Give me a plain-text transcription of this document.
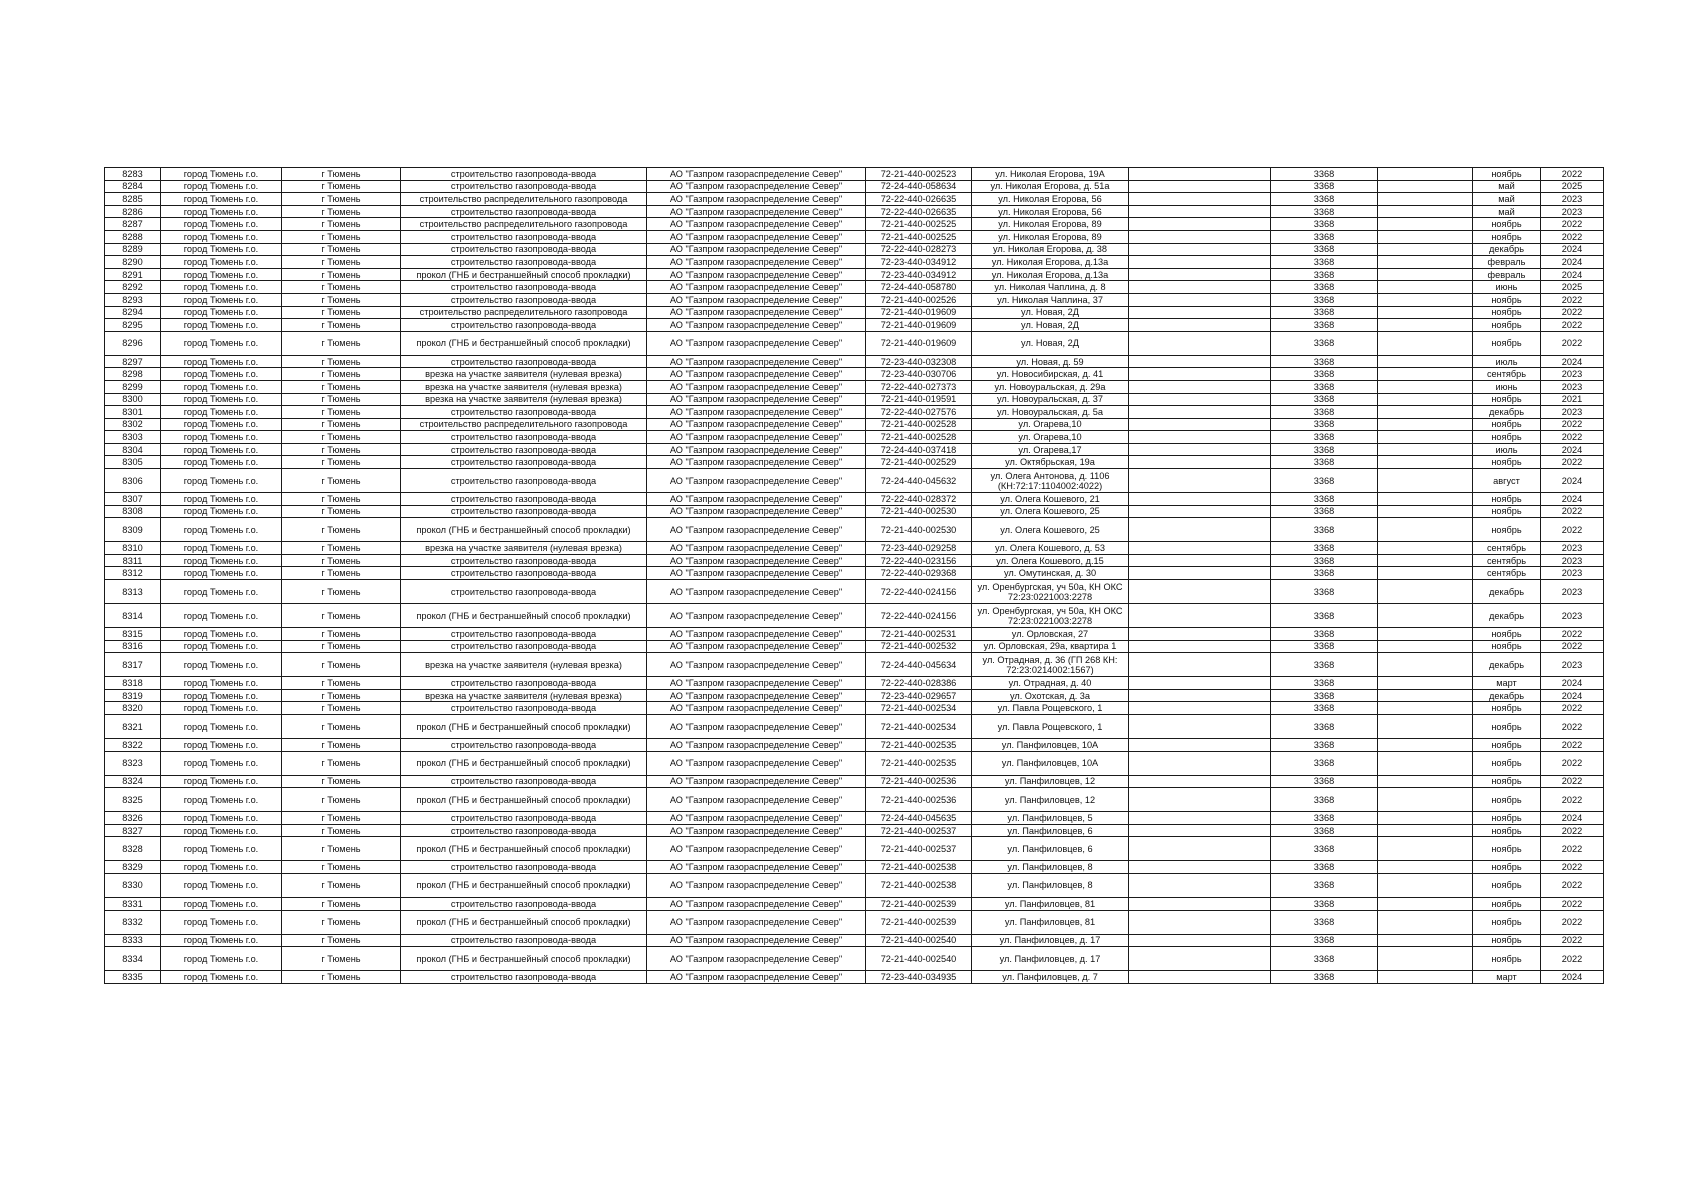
8283	город Тюмень г.о.	г Тюмень	строительство газопровода-ввода	АО "Газпром газораспределение Север"	72-21-440-002523	ул. Николая Егорова, 19А		3368		ноябрь	2022
8284	город Тюмень г.о.	г Тюмень	строительство газопровода-ввода	АО "Газпром газораспределение Север"	72-24-440-058634	ул. Николая Егорова, д. 51а		3368		май	2025
8285	город Тюмень г.о.	г Тюмень	строительство распределительного газопровода	АО "Газпром газораспределение Север"	72-22-440-026635	ул. Николая Егорова, 56		3368		май	2023
8286	город Тюмень г.о.	г Тюмень	строительство газопровода-ввода	АО "Газпром газораспределение Север"	72-22-440-026635	ул. Николая Егорова, 56		3368		май	2023
8287	город Тюмень г.о.	г Тюмень	строительство распределительного газопровода	АО "Газпром газораспределение Север"	72-21-440-002525	ул. Николая Егорова, 89		3368		ноябрь	2022
8288	город Тюмень г.о.	г Тюмень	строительство газопровода-ввода	АО "Газпром газораспределение Север"	72-21-440-002525	ул. Николая Егорова, 89		3368		ноябрь	2022
8289	город Тюмень г.о.	г Тюмень	строительство газопровода-ввода	АО "Газпром газораспределение Север"	72-22-440-028273	ул. Николая Егорова, д. 38		3368		декабрь	2024
8290	город Тюмень г.о.	г Тюмень	строительство газопровода-ввода	АО "Газпром газораспределение Север"	72-23-440-034912	ул. Николая Егорова, д.13а		3368		февраль	2024
8291	город Тюмень г.о.	г Тюмень	прокол (ГНБ и бестраншейный способ прокладки)	АО "Газпром газораспределение Север"	72-23-440-034912	ул. Николая Егорова, д.13а		3368		февраль	2024
8292	город Тюмень г.о.	г Тюмень	строительство газопровода-ввода	АО "Газпром газораспределение Север"	72-24-440-058780	ул. Николая Чаплина, д. 8		3368		июнь	2025
8293	город Тюмень г.о.	г Тюмень	строительство газопровода-ввода	АО "Газпром газораспределение Север"	72-21-440-002526	ул. Николая Чаплина, 37		3368		ноябрь	2022
8294	город Тюмень г.о.	г Тюмень	строительство распределительного газопровода	АО "Газпром газораспределение Север"	72-21-440-019609	ул. Новая, 2Д		3368		ноябрь	2022
8295	город Тюмень г.о.	г Тюмень	строительство газопровода-ввода	АО "Газпром газораспределение Север"	72-21-440-019609	ул. Новая, 2Д		3368		ноябрь	2022
8296	город Тюмень г.о.	г Тюмень	прокол (ГНБ и бестраншейный способ прокладки)	АО "Газпром газораспределение Север"	72-21-440-019609	ул. Новая, 2Д		3368		ноябрь	2022
8297	город Тюмень г.о.	г Тюмень	строительство газопровода-ввода	АО "Газпром газораспределение Север"	72-23-440-032308	ул. Новая, д. 59		3368		июль	2024
8298	город Тюмень г.о.	г Тюмень	врезка на участке заявителя (нулевая врезка)	АО "Газпром газораспределение Север"	72-23-440-030706	ул. Новосибирская, д. 41		3368		сентябрь	2023
8299	город Тюмень г.о.	г Тюмень	врезка на участке заявителя (нулевая врезка)	АО "Газпром газораспределение Север"	72-22-440-027373	ул. Новоуральская, д. 29а		3368		июнь	2023
8300	город Тюмень г.о.	г Тюмень	врезка на участке заявителя (нулевая врезка)	АО "Газпром газораспределение Север"	72-21-440-019591	ул. Новоуральская, д. 37		3368		ноябрь	2021
8301	город Тюмень г.о.	г Тюмень	строительство газопровода-ввода	АО "Газпром газораспределение Север"	72-22-440-027576	ул. Новоуральская, д. 5а		3368		декабрь	2023
8302	город Тюмень г.о.	г Тюмень	строительство распределительного газопровода	АО "Газпром газораспределение Север"	72-21-440-002528	ул. Огарева,10		3368		ноябрь	2022
8303	город Тюмень г.о.	г Тюмень	строительство газопровода-ввода	АО "Газпром газораспределение Север"	72-21-440-002528	ул. Огарева,10		3368		ноябрь	2022
8304	город Тюмень г.о.	г Тюмень	строительство газопровода-ввода	АО "Газпром газораспределение Север"	72-24-440-037418	ул. Огарева,17		3368		июль	2024
8305	город Тюмень г.о.	г Тюмень	строительство газопровода-ввода	АО "Газпром газораспределение Север"	72-21-440-002529	ул. Октябрьская, 19а		3368		ноябрь	2022
8306	город Тюмень г.о.	г Тюмень	строительство газопровода-ввода	АО "Газпром газораспределение Север"	72-24-440-045632	ул. Олега Антонова, д. 1106 (КН:72:17:1104002:4022)		3368		август	2024
8307	город Тюмень г.о.	г Тюмень	строительство газопровода-ввода	АО "Газпром газораспределение Север"	72-22-440-028372	ул. Олега Кошевого, 21		3368		ноябрь	2024
8308	город Тюмень г.о.	г Тюмень	строительство газопровода-ввода	АО "Газпром газораспределение Север"	72-21-440-002530	ул. Олега Кошевого, 25		3368		ноябрь	2022
8309	город Тюмень г.о.	г Тюмень	прокол (ГНБ и бестраншейный способ прокладки)	АО "Газпром газораспределение Север"	72-21-440-002530	ул. Олега Кошевого, 25		3368		ноябрь	2022
8310	город Тюмень г.о.	г Тюмень	врезка на участке заявителя (нулевая врезка)	АО "Газпром газораспределение Север"	72-23-440-029258	ул. Олега Кошевого, д. 53		3368		сентябрь	2023
8311	город Тюмень г.о.	г Тюмень	строительство газопровода-ввода	АО "Газпром газораспределение Север"	72-22-440-023156	ул. Олега Кошевого, д.15		3368		сентябрь	2023
8312	город Тюмень г.о.	г Тюмень	строительство газопровода-ввода	АО "Газпром газораспределение Север"	72-22-440-029368	ул. Омутинская, д. 30		3368		сентябрь	2023
8313	город Тюмень г.о.	г Тюмень	строительство газопровода-ввода	АО "Газпром газораспределение Север"	72-22-440-024156	ул. Оренбургская, уч 50а, КН ОКС 72:23:0221003:2278		3368		декабрь	2023
8314	город Тюмень г.о.	г Тюмень	прокол (ГНБ и бестраншейный способ прокладки)	АО "Газпром газораспределение Север"	72-22-440-024156	ул. Оренбургская, уч 50а, КН ОКС 72:23:0221003:2278		3368		декабрь	2023
8315	город Тюмень г.о.	г Тюмень	строительство газопровода-ввода	АО "Газпром газораспределение Север"	72-21-440-002531	ул. Орловская, 27		3368		ноябрь	2022
8316	город Тюмень г.о.	г Тюмень	строительство газопровода-ввода	АО "Газпром газораспределение Север"	72-21-440-002532	ул. Орловская, 29а, квартира 1		3368		ноябрь	2022
8317	город Тюмень г.о.	г Тюмень	врезка на участке заявителя (нулевая врезка)	АО "Газпром газораспределение Север"	72-24-440-045634	ул. Отрадная, д. 36 (ГП 268 КН: 72:23:0214002:1567)		3368		декабрь	2023
8318	город Тюмень г.о.	г Тюмень	строительство газопровода-ввода	АО "Газпром газораспределение Север"	72-22-440-028386	ул. Отрадная, д. 40		3368		март	2024
8319	город Тюмень г.о.	г Тюмень	врезка на участке заявителя (нулевая врезка)	АО "Газпром газораспределение Север"	72-23-440-029657	ул. Охотская, д. 3а		3368		декабрь	2024
8320	город Тюмень г.о.	г Тюмень	строительство газопровода-ввода	АО "Газпром газораспределение Север"	72-21-440-002534	ул. Павла Рощевского, 1		3368		ноябрь	2022
8321	город Тюмень г.о.	г Тюмень	прокол (ГНБ и бестраншейный способ прокладки)	АО "Газпром газораспределение Север"	72-21-440-002534	ул. Павла Рощевского, 1		3368		ноябрь	2022
8322	город Тюмень г.о.	г Тюмень	строительство газопровода-ввода	АО "Газпром газораспределение Север"	72-21-440-002535	ул. Панфиловцев, 10А		3368		ноябрь	2022
8323	город Тюмень г.о.	г Тюмень	прокол (ГНБ и бестраншейный способ прокладки)	АО "Газпром газораспределение Север"	72-21-440-002535	ул. Панфиловцев, 10А		3368		ноябрь	2022
8324	город Тюмень г.о.	г Тюмень	строительство газопровода-ввода	АО "Газпром газораспределение Север"	72-21-440-002536	ул. Панфиловцев, 12		3368		ноябрь	2022
8325	город Тюмень г.о.	г Тюмень	прокол (ГНБ и бестраншейный способ прокладки)	АО "Газпром газораспределение Север"	72-21-440-002536	ул. Панфиловцев, 12		3368		ноябрь	2022
8326	город Тюмень г.о.	г Тюмень	строительство газопровода-ввода	АО "Газпром газораспределение Север"	72-24-440-045635	ул. Панфиловцев, 5		3368		ноябрь	2024
8327	город Тюмень г.о.	г Тюмень	строительство газопровода-ввода	АО "Газпром газораспределение Север"	72-21-440-002537	ул. Панфиловцев, 6		3368		ноябрь	2022
8328	город Тюмень г.о.	г Тюмень	прокол (ГНБ и бестраншейный способ прокладки)	АО "Газпром газораспределение Север"	72-21-440-002537	ул. Панфиловцев, 6		3368		ноябрь	2022
8329	город Тюмень г.о.	г Тюмень	строительство газопровода-ввода	АО "Газпром газораспределение Север"	72-21-440-002538	ул. Панфиловцев, 8		3368		ноябрь	2022
8330	город Тюмень г.о.	г Тюмень	прокол (ГНБ и бестраншейный способ прокладки)	АО "Газпром газораспределение Север"	72-21-440-002538	ул. Панфиловцев, 8		3368		ноябрь	2022
8331	город Тюмень г.о.	г Тюмень	строительство газопровода-ввода	АО "Газпром газораспределение Север"	72-21-440-002539	ул. Панфиловцев, 81		3368		ноябрь	2022
8332	город Тюмень г.о.	г Тюмень	прокол (ГНБ и бестраншейный способ прокладки)	АО "Газпром газораспределение Север"	72-21-440-002539	ул. Панфиловцев, 81		3368		ноябрь	2022
8333	город Тюмень г.о.	г Тюмень	строительство газопровода-ввода	АО "Газпром газораспределение Север"	72-21-440-002540	ул. Панфиловцев, д. 17		3368		ноябрь	2022
8334	город Тюмень г.о.	г Тюмень	прокол (ГНБ и бестраншейный способ прокладки)	АО "Газпром газораспределение Север"	72-21-440-002540	ул. Панфиловцев, д. 17		3368		ноябрь	2022
8335	город Тюмень г.о.	г Тюмень	строительство газопровода-ввода	АО "Газпром газораспределение Север"	72-23-440-034935	ул. Панфиловцев, д. 7		3368		март	2024
